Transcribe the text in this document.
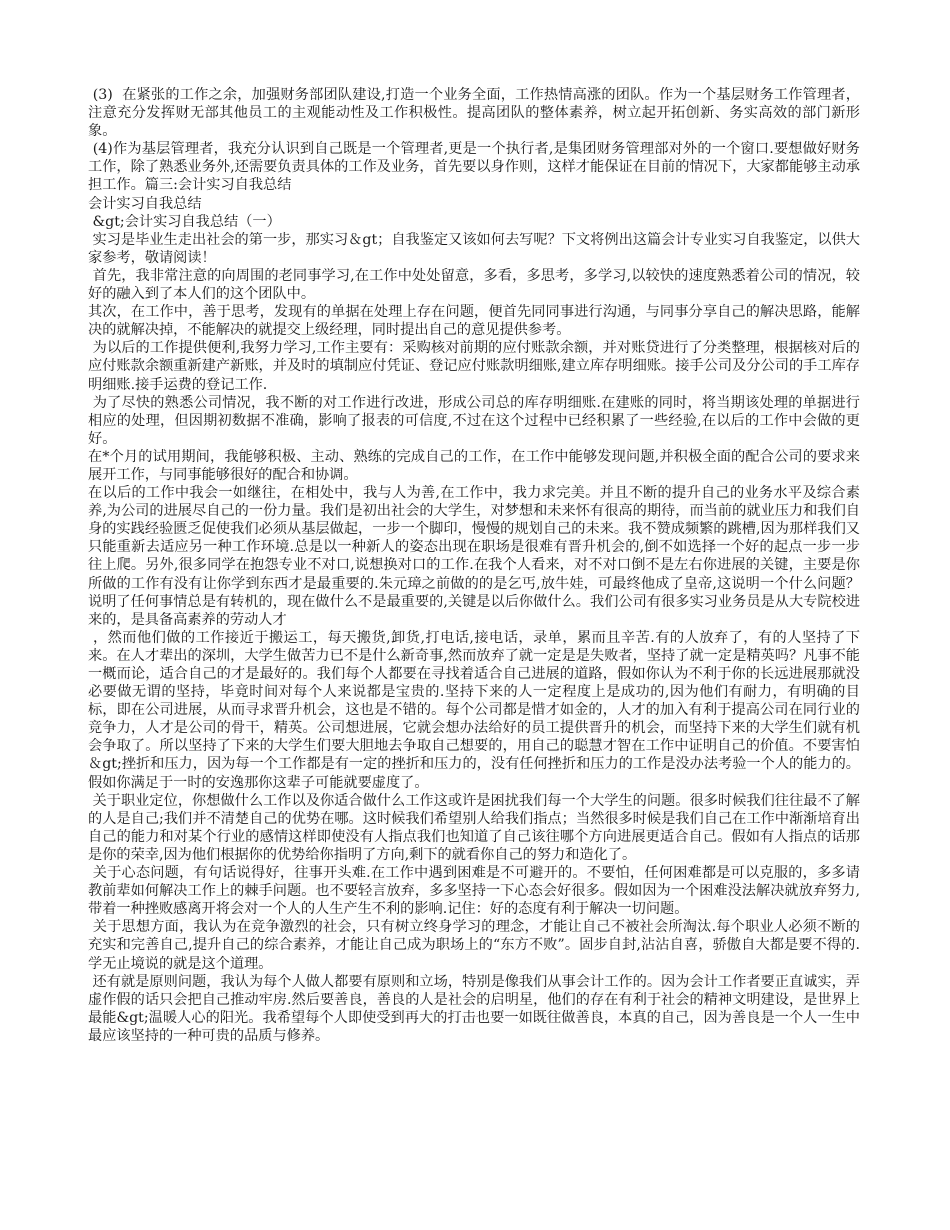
(3)  在紧张的工作之余，加强财务部团队建设,打造一个业务全面，工作热情高涨的团队。作为一个基层财务工作管理者，注意充分发挥财无部其他员工的主观能动性及工作积极性。提高团队的整体素养，树立起开拓创新、务实高效的部门新形象。

(4)作为基层管理者，我充分认识到自己既是一个管理者,更是一个执行者,是集团财务管理部对外的一个窗口.要想做好财务工作，除了熟悉业务外,还需要负责具体的工作及业务，首先要以身作则，这样才能保证在目前的情况下，大家都能够主动承担工作。篇三:会计实习自我总结

会计实习自我总结

&gt;会计实习自我总结（一）

实习是毕业生走出社会的第一步，那实习＆gt；自我鉴定又该如何去写呢？下文将例出这篇会计专业实习自我鉴定，以供大家参考，敬请阅读！

首先，我非常注意的向周围的老同事学习,在工作中处处留意，多看，多思考，多学习,以较快的速度熟悉着公司的情况，较好的融入到了本人们的这个团队中。

其次，在工作中，善于思考，发现有的单据在处理上存在问题，便首先同同事进行沟通，与同事分享自己的解决思路，能解决的就解决掉，不能解决的就提交上级经理，同时提出自己的意见提供参考。

为以后的工作提供便利,我努力学习,工作主要有：采购核对前期的应付账款余额，并对账贷进行了分类整理，根据核对后的应付账款余额重新建产新账，并及时的填制应付凭证、登记应付账款明细账,建立库存明细账。接手公司及分公司的手工库存明细账.接手运费的登记工作.

为了尽快的熟悉公司情况，我不断的对工作进行改进，形成公司总的库存明细账.在建账的同时，将当期该处理的单据进行相应的处理，但因期初数据不准确，影响了报表的可信度,不过在这个过程中已经积累了一些经验,在以后的工作中会做的更好。

在*个月的试用期间，我能够积极、主动、熟练的完成自己的工作，在工作中能够发现问题,并积极全面的配合公司的要求来展开工作，与同事能够很好的配合和协调。

在以后的工作中我会一如继往，在相处中，我与人为善,在工作中，我力求完美。并且不断的提升自己的业务水平及综合素养,为公司的进展尽自己的一份力量。我们是初出社会的大学生，对梦想和未来怀有很高的期待，而当前的就业压力和我们自身的实践经验匮乏促使我们必须从基层做起，一步一个脚印，慢慢的规划自己的未来。我不赞成频繁的跳槽,因为那样我们又只能重新去适应另一种工作环境.总是以一种新人的姿态出现在职场是很难有晋升机会的,倒不如选择一个好的起点一步一步往上爬。另外,很多同学在抱怨专业不对口,说想换对口的工作.在我个人看来，对不对口倒不是左右你进展的关键，主要是你所做的工作有没有让你学到东西才是最重要的.朱元璋之前做的的是乞丐,放牛娃，可最终他成了皇帝,这说明一个什么问题？说明了任何事情总是有转机的，现在做什么不是最重要的,关键是以后你做什么。我们公司有很多实习业务员是从大专院校进来的，是具备高素养的劳动人才

，然而他们做的工作接近于搬运工，每天搬货,卸货,打电话,接电话，录单，累而且辛苦.有的人放弃了，有的人坚持了下来。在人才辈出的深圳，大学生做苦力已不是什么新奇事,然而放弃了就一定是是失败者，坚持了就一定是精英吗？凡事不能一概而论，适合自己的才是最好的。我们每个人都要在寻找着适合自己进展的道路，假如你认为不利于你的长远进展那就没必要做无谓的坚持，毕竟时间对每个人来说都是宝贵的.坚持下来的人一定程度上是成功的,因为他们有耐力，有明确的目标，即在公司进展，从而寻求晋升机会，这也是不错的。每个公司都是惜才如金的，人才的加入有利于提高公司在同行业的竞争力，人才是公司的骨干，精英。公司想进展，它就会想办法给好的员工提供晋升的机会，而坚持下来的大学生们就有机会争取了。所以坚持了下来的大学生们要大胆地去争取自己想要的，用自己的聪慧才智在工作中证明自己的价值。不要害怕＆gt;挫折和压力，因为每一个工作都是有一定的挫折和压力的，没有任何挫折和压力的工作是没办法考验一个人的能力的。假如你满足于一时的安逸那你这辈子可能就要虚度了。

关于职业定位，你想做什么工作以及你适合做什么工作这或许是困扰我们每一个大学生的问题。很多时候我们往往最不了解的人是自己;我们并不清楚自己的优势在哪。这时候我们希望别人给我们指点；当然很多时候是我们自己在工作中渐渐培育出自己的能力和对某个行业的感情这样即使没有人指点我们也知道了自己该往哪个方向进展更适合自己。假如有人指点的话那是你的荣幸,因为他们根据你的优势给你指明了方向,剩下的就看你自己的努力和造化了。

关于心态问题，有句话说得好，往事开头难.在工作中遇到困难是不可避开的。不要怕，任何困难都是可以克服的，多多请教前辈如何解决工作上的棘手问题。也不要轻言放弃，多多坚持一下心态会好很多。假如因为一个困难没法解决就放弃努力,带着一种挫败感离开将会对一个人的人生产生不利的影响.记住：好的态度有利于解决一切问题。

关于思想方面，我认为在竞争激烈的社会，只有树立终身学习的理念，才能让自己不被社会所淘汰.每个职业人必须不断的充实和完善自己,提升自己的综合素养，才能让自己成为职场上的“东方不败”。固步自封,沾沾自喜，骄傲自大都是要不得的.学无止境说的就是这个道理。

还有就是原则问题，我认为每个人做人都要有原则和立场，特别是像我们从事会计工作的。因为会计工作者要正直诚实，弄虚作假的话只会把自己推动牢房.然后要善良，善良的人是社会的启明星，他们的存在有利于社会的精神文明建设，是世界上最能&gt;温暖人心的阳光。我希望每个人即使受到再大的打击也要一如既往做善良，本真的自己，因为善良是一个人一生中最应该坚持的一种可贵的品质与修养。
